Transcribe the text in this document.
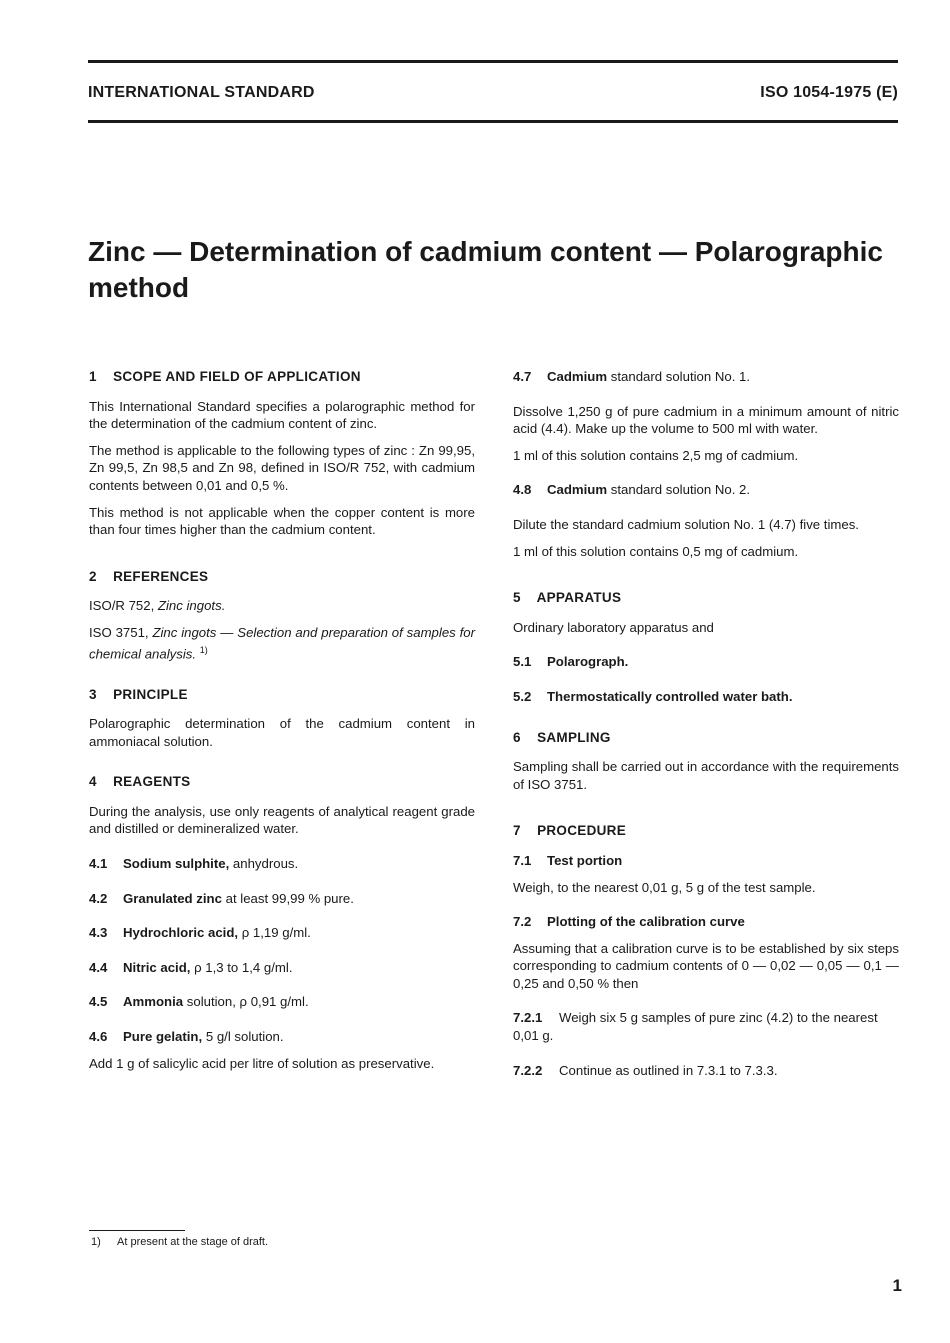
INTERNATIONAL STANDARD	ISO 1054-1975 (E)
Zinc — Determination of cadmium content — Polarographic method

1 SCOPE AND FIELD OF APPLICATION

This International Standard specifies a polarographic method for the determination of the cadmium content of zinc.

The method is applicable to the following types of zinc : Zn 99,95, Zn 99,5, Zn 98,5 and Zn 98, defined in ISO/R 752, with cadmium contents between 0,01 and 0,5 %.

This method is not applicable when the copper content is more than four times higher than the cadmium content.

2 REFERENCES

ISO/R 752, Zinc ingots.

ISO 3751, Zinc ingots — Selection and preparation of samples for chemical analysis. $^{1)}$

3 PRINCIPLE

Polarographic determination of the cadmium content in ammoniacal solution.

4 REAGENTS

During the analysis, use only reagents of analytical reagent grade and distilled or demineralized water.

4.1 Sodium sulphite, anhydrous.

4.2 Granulated zinc at least 99,99 % pure.

4.3 Hydrochloric acid, ρ 1,19 g/ml.

4.4 Nitric acid, ρ 1,3 to 1,4 g/ml.

4.5 Ammonia solution, ρ 0,91 g/ml.

4.6 Pure gelatin, 5 g/l solution.

Add 1 g of salicylic acid per litre of solution as preservative.

4.7 Cadmium standard solution No. 1.

Dissolve 1,250 g of pure cadmium in a minimum amount of nitric acid (4.4). Make up the volume to 500 ml with water.

1 ml of this solution contains 2,5 mg of cadmium.

4.8 Cadmium standard solution No. 2.

Dilute the standard cadmium solution No. 1 (4.7) five times.

1 ml of this solution contains 0,5 mg of cadmium.

5 APPARATUS

Ordinary laboratory apparatus and

5.1 Polarograph.

5.2 Thermostatically controlled water bath.

6 SAMPLING

Sampling shall be carried out in accordance with the requirements of ISO 3751.

7 PROCEDURE

7.1 Test portion

Weigh, to the nearest 0,01 g, 5 g of the test sample.

7.2 Plotting of the calibration curve

Assuming that a calibration curve is to be established by six steps corresponding to cadmium contents of 0 — 0,02 — 0,05 — 0,1 — 0,25 and 0,50 % then

7.2.1 Weigh six 5 g samples of pure zinc (4.2) to the nearest 0,01 g.

7.2.2 Continue as outlined in 7.3.1 to 7.3.3.

1) At present at the stage of draft.
1
